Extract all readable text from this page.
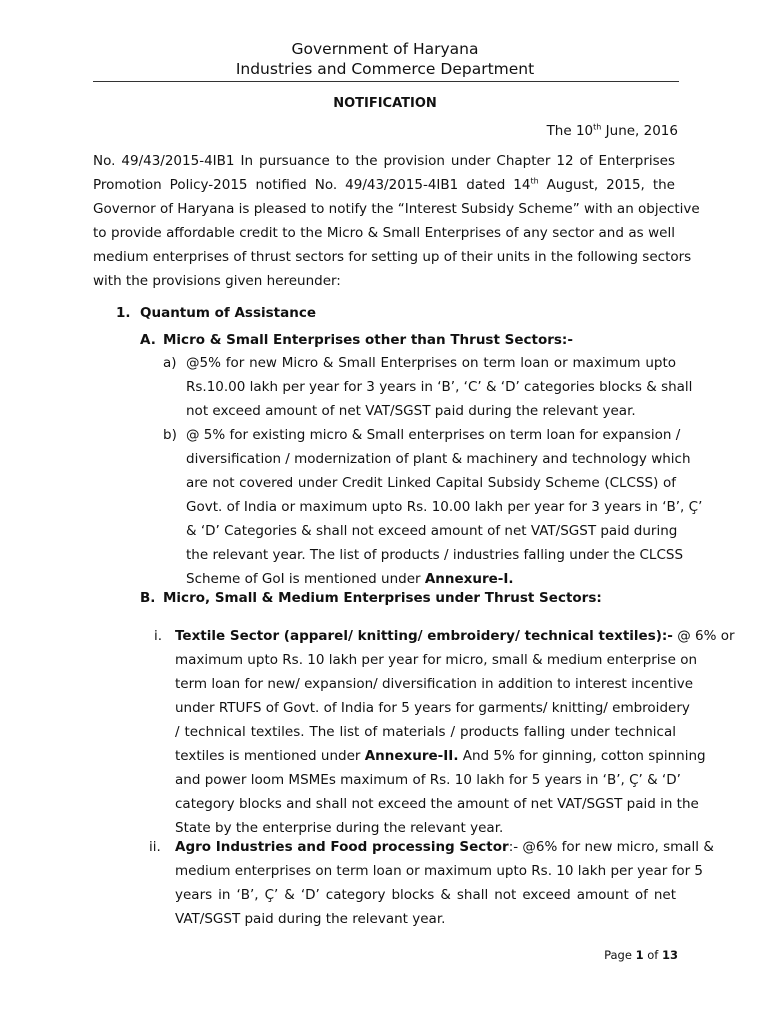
Government of Haryana
Industries and Commerce Department
NOTIFICATION
The 10th June, 2016
No. 49/43/2015-4IB1 In pursuance to the provision under Chapter 12 of Enterprises
Promotion Policy-2015 notified No. 49/43/2015-4IB1 dated 14th August, 2015, the
Governor of Haryana is pleased to notify the “Interest Subsidy Scheme” with an objective
to provide affordable credit to the Micro & Small Enterprises of any sector and as well
medium enterprises of thrust sectors for setting up of their units in the following sectors
with the provisions given hereunder:
1. Quantum of Assistance
A. Micro & Small Enterprises other than Thrust Sectors:-
a) @5% for new Micro & Small Enterprises on term loan or maximum upto
Rs.10.00 lakh per year for 3 years in ‘B’, ‘C’ & ‘D’ categories blocks & shall
not exceed amount of net VAT/SGST paid during the relevant year.
b) @ 5% for existing micro & Small enterprises on term loan for expansion /
diversification / modernization of plant & machinery and technology which
are not covered under Credit Linked Capital Subsidy Scheme (CLCSS) of
Govt. of India or maximum upto Rs. 10.00 lakh per year for 3 years in ‘B’, Ç’
& ‘D’ Categories & shall not exceed amount of net VAT/SGST paid during
the relevant year. The list of products / industries falling under the CLCSS
Scheme of GoI is mentioned under Annexure-I.
B. Micro, Small & Medium Enterprises under Thrust Sectors:
i. Textile Sector (apparel/ knitting/ embroidery/ technical textiles):- @ 6% or
maximum upto Rs. 10 lakh per year for micro, small & medium enterprise on
term loan for new/ expansion/ diversification in addition to interest incentive
under RTUFS of Govt. of India for 5 years for garments/ knitting/ embroidery
/ technical textiles. The list of materials / products falling under technical
textiles is mentioned under Annexure-II. And 5% for ginning, cotton spinning
and power loom MSMEs maximum of Rs. 10 lakh for 5 years in ‘B’, Ç’ & ‘D’
category blocks and shall not exceed the amount of net VAT/SGST paid in the
State by the enterprise during the relevant year.
ii. Agro Industries and Food processing Sector:- @6% for new micro, small &
medium enterprises on term loan or maximum upto Rs. 10 lakh per year for 5
years in ‘B’, Ç’ & ‘D’ category blocks & shall not exceed amount of net
VAT/SGST paid during the relevant year.
Page 1 of 13
